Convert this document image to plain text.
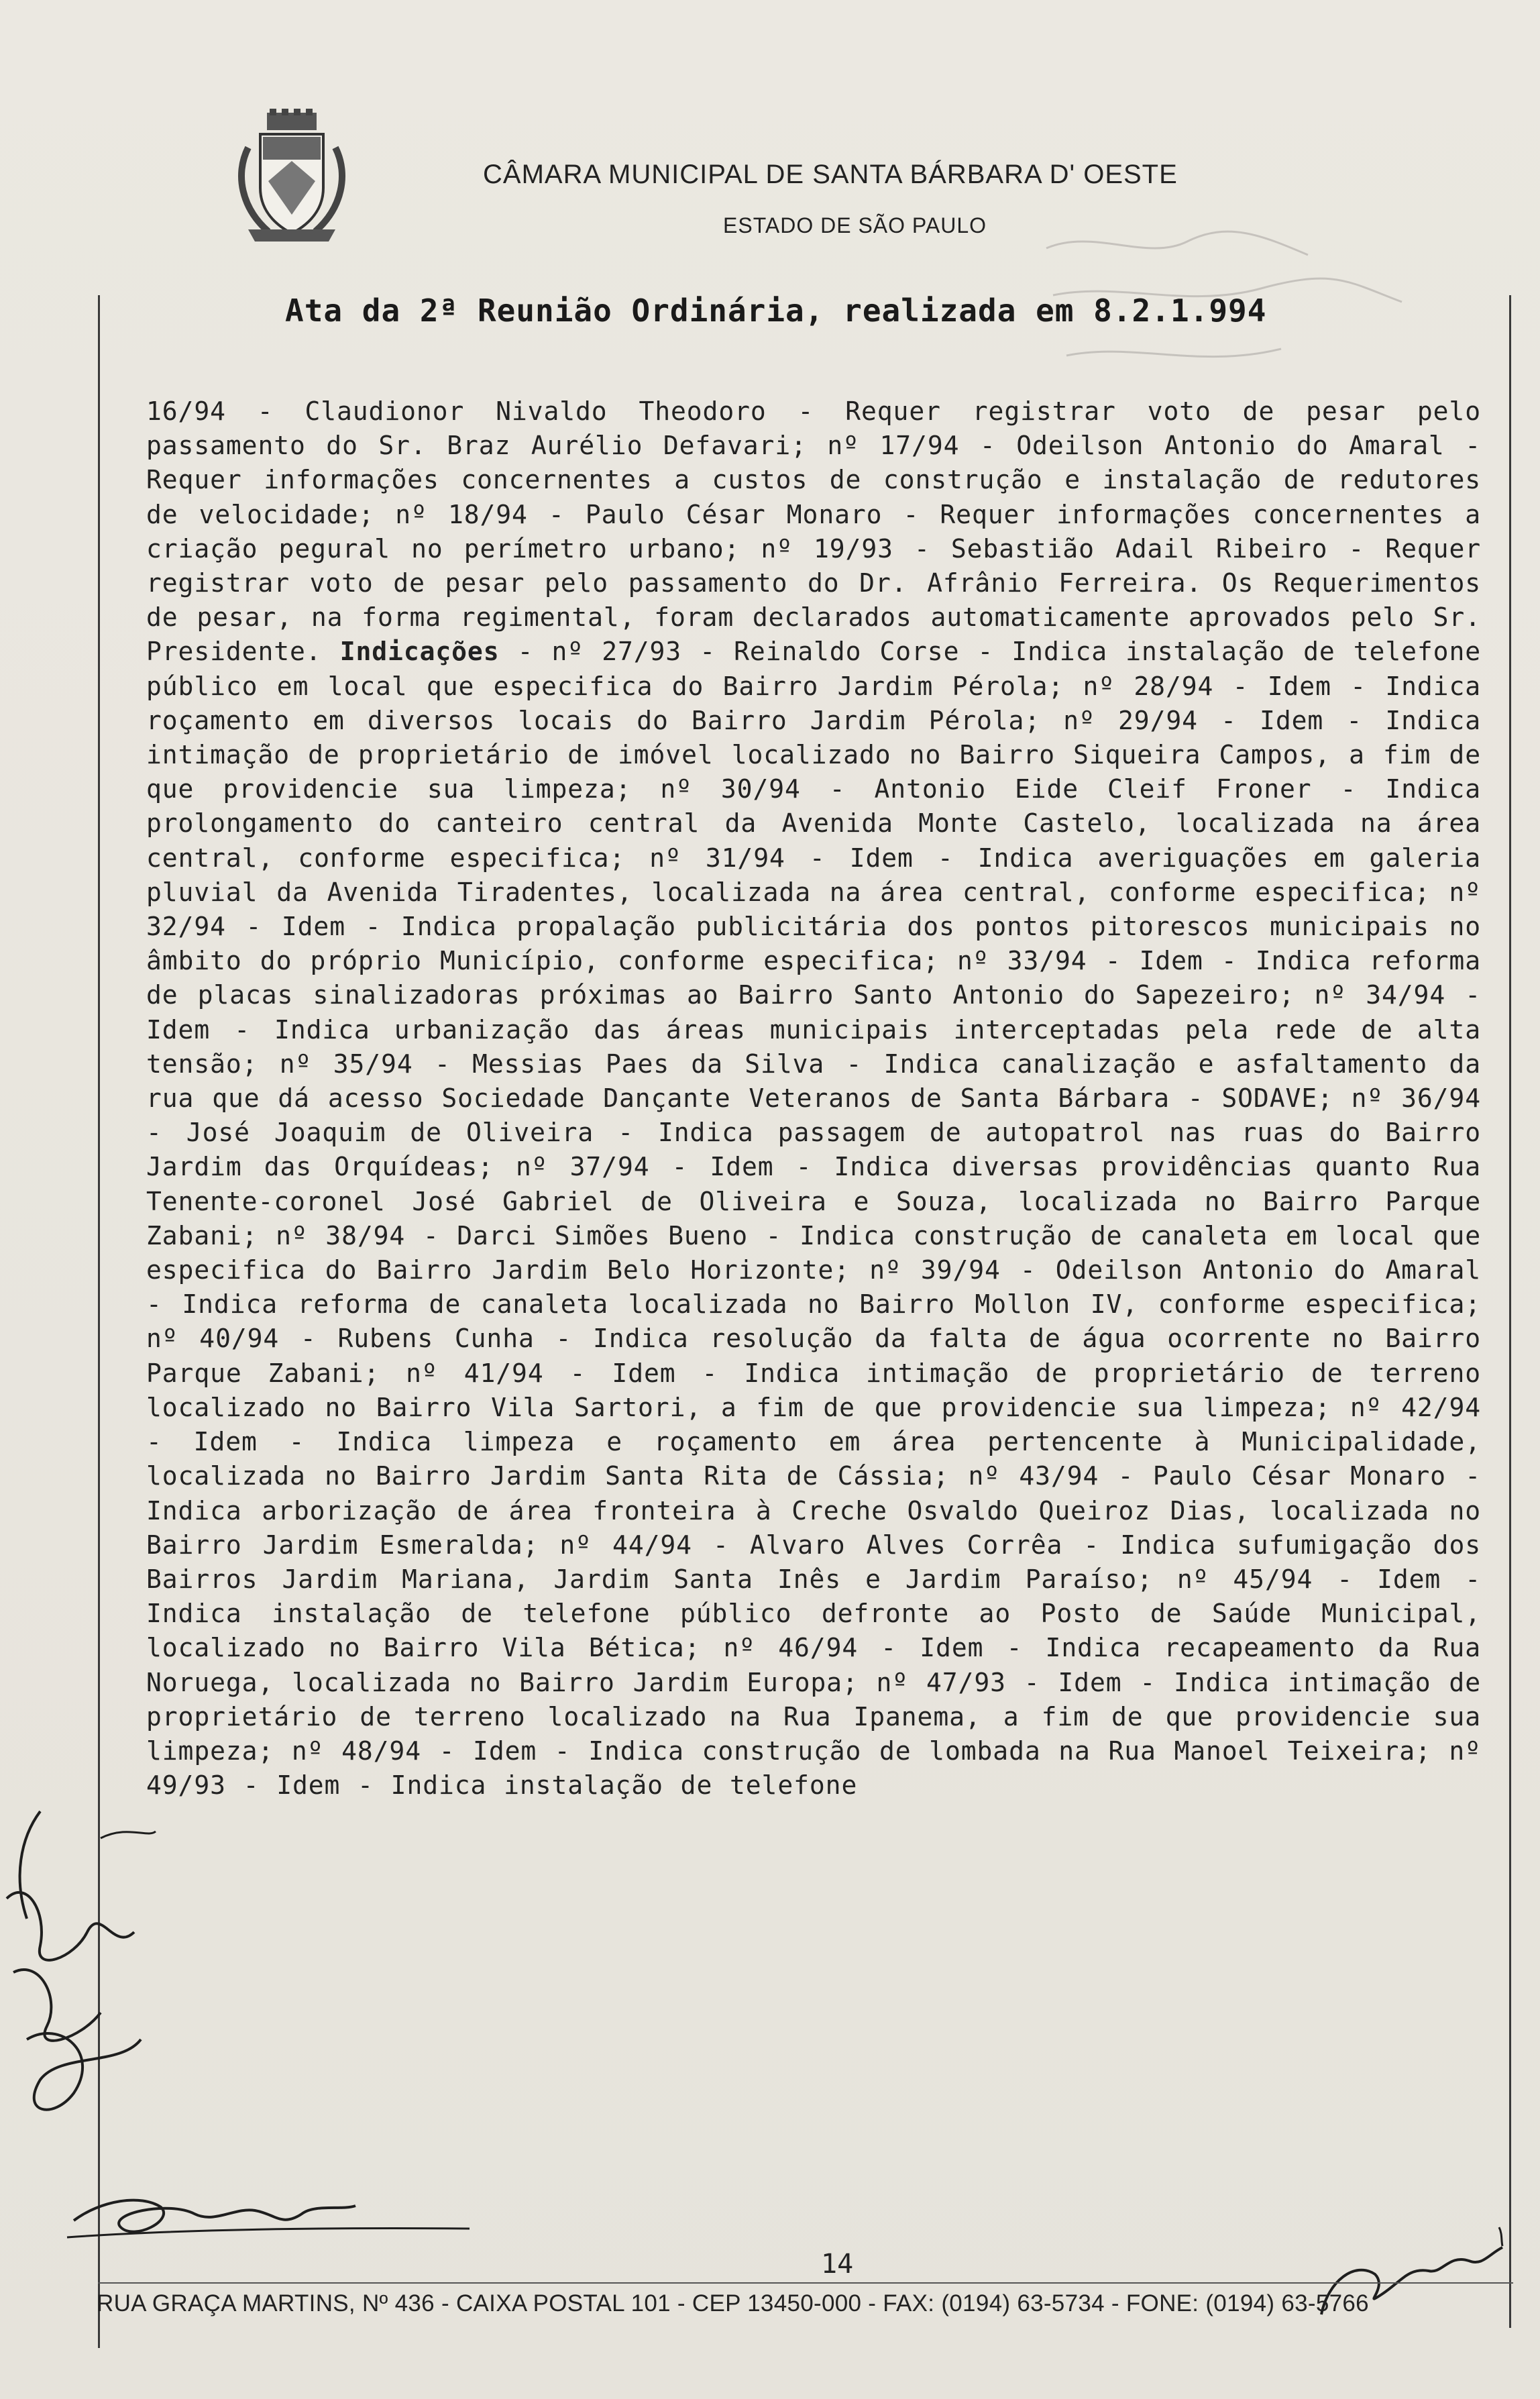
CÂMARA MUNICIPAL DE SANTA BÁRBARA D' OESTE
ESTADO DE SÃO PAULO
Ata da 2ª Reunião Ordinária, realizada em 8.2.1.994
16/94 - Claudionor Nivaldo Theodoro - Requer registrar voto de pesar pelo passamento do Sr. Braz Aurélio Defavari; nº 17/94 - Odeilson Antonio do Amaral - Requer informações concernentes a custos de construção e instalação de redutores de velocidade; nº 18/94 - Paulo César Monaro - Requer informações concernentes a criação pegural no perímetro urbano; nº 19/93 - Sebastião Adail Ribeiro - Requer registrar voto de pesar pelo passamento do Dr. Afrânio Ferreira. Os Requerimentos de pesar, na forma regimental, foram declarados automaticamente aprovados pelo Sr. Presidente. Indicações - nº 27/93 - Reinaldo Corse - Indica instalação de telefone público em local que especifica do Bairro Jardim Pérola; nº 28/94 - Idem - Indica roçamento em diversos locais do Bairro Jardim Pérola; nº 29/94 - Idem - Indica intimação de proprietário de imóvel localizado no Bairro Siqueira Campos, a fim de que providencie sua limpeza; nº 30/94 - Antonio Eide Cleif Froner - Indica prolongamento do canteiro central da Avenida Monte Castelo, localizada na área central, conforme especifica; nº 31/94 - Idem - Indica averiguações em galeria pluvial da Avenida Tiradentes, localizada na área central, conforme especifica; nº 32/94 - Idem - Indica propalação publicitária dos pontos pitorescos municipais no âmbito do próprio Município, conforme especifica; nº 33/94 - Idem - Indica reforma de placas sinalizadoras próximas ao Bairro Santo Antonio do Sapezeiro; nº 34/94 - Idem - Indica urbanização das áreas municipais interceptadas pela rede de alta tensão; nº 35/94 - Messias Paes da Silva - Indica canalização e asfaltamento da rua que dá acesso Sociedade Dançante Veteranos de Santa Bárbara - SODAVE; nº 36/94 - José Joaquim de Oliveira - Indica passagem de autopatrol nas ruas do Bairro Jardim das Orquídeas; nº 37/94 - Idem - Indica diversas providências quanto Rua Tenente-coronel José Gabriel de Oliveira e Souza, localizada no Bairro Parque Zabani; nº 38/94 - Darci Simões Bueno - Indica construção de canaleta em local que especifica do Bairro Jardim Belo Horizonte; nº 39/94 - Odeilson Antonio do Amaral - Indica reforma de canaleta localizada no Bairro Mollon IV, conforme especifica; nº 40/94 - Rubens Cunha - Indica resolução da falta de água ocorrente no Bairro Parque Zabani; nº 41/94 - Idem - Indica intimação de proprietário de terreno localizado no Bairro Vila Sartori, a fim de que providencie sua limpeza; nº 42/94 - Idem - Indica limpeza e roçamento em área pertencente à Municipalidade, localizada no Bairro Jardim Santa Rita de Cássia; nº 43/94 - Paulo César Monaro - Indica arborização de área fronteira à Creche Osvaldo Queiroz Dias, localizada no Bairro Jardim Esmeralda; nº 44/94 - Alvaro Alves Corrêa - Indica sufumigação dos Bairros Jardim Mariana, Jardim Santa Inês e Jardim Paraíso; nº 45/94 - Idem - Indica instalação de telefone público defronte ao Posto de Saúde Municipal, localizado no Bairro Vila Bética; nº 46/94 - Idem - Indica recapeamento da Rua Noruega, localizada no Bairro Jardim Europa; nº 47/93 - Idem - Indica intimação de proprietário de terreno localizado na Rua Ipanema, a fim de que providencie sua limpeza; nº 48/94 - Idem - Indica construção de lombada na Rua Manoel Teixeira; nº 49/93 - Idem - Indica instalação de telefone
14
RUA GRAÇA MARTINS, Nº 436 - CAIXA POSTAL 101 - CEP 13450-000 - FAX: (0194) 63-5734 - FONE: (0194) 63-5766
